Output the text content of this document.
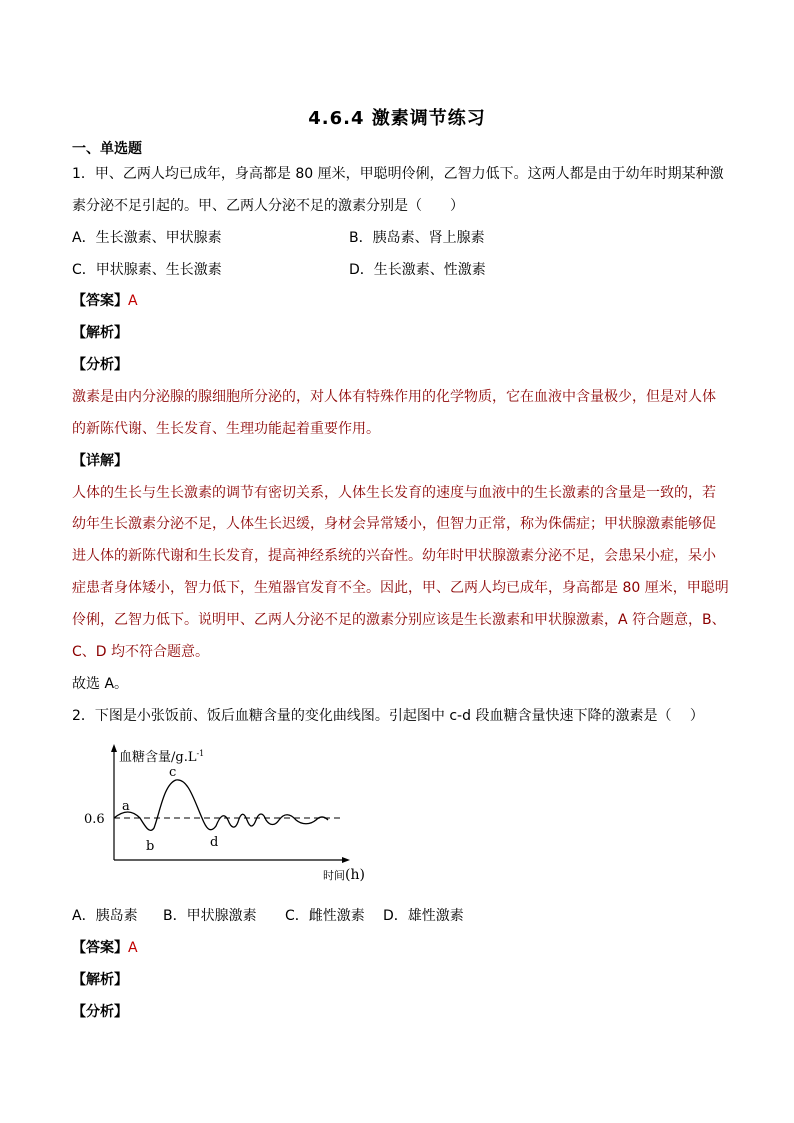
4.6.4 激素调节练习
一、单选题
1．甲、乙两人均已成年，身高都是 80 厘米，甲聪明伶俐，乙智力低下。这两人都是由于幼年时期某种激
素分泌不足引起的。甲、乙两人分泌不足的激素分别是（　　）
A．生长激素、甲状腺素	B．胰岛素、肾上腺素
C．甲状腺素、生长激素	D．生长激素、性激素
【答案】A
【解析】
【分析】
激素是由内分泌腺的腺细胞所分泌的，对人体有特殊作用的化学物质，它在血液中含量极少，但是对人体
的新陈代谢、生长发育、生理功能起着重要作用。
【详解】
人体的生长与生长激素的调节有密切关系，人体生长发育的速度与血液中的生长激素的含量是一致的，若
幼年生长激素分泌不足，人体生长迟缓，身材会异常矮小，但智力正常，称为侏儒症；甲状腺激素能够促
进人体的新陈代谢和生长发育，提高神经系统的兴奋性。幼年时甲状腺激素分泌不足，会患呆小症，呆小
症患者身体矮小，智力低下，生殖器官发育不全。因此，甲、乙两人均已成年，身高都是 80 厘米，甲聪明
伶俐，乙智力低下。说明甲、乙两人分泌不足的激素分别应该是生长激素和甲状腺激素，A 符合题意，B、
C、D 均不符合题意。
故选 A。
2．下图是小张饭前、饭后血糖含量的变化曲线图。引起图中 c-d 段血糖含量快速下降的激素是（　 ）
血糖含量$/g.L^{-1}$
0.6
a
b
c
d
时间(h)
A．胰岛素 B．甲状腺激素 C．雌性激素 D．雄性激素
【答案】A
【解析】
【分析】
